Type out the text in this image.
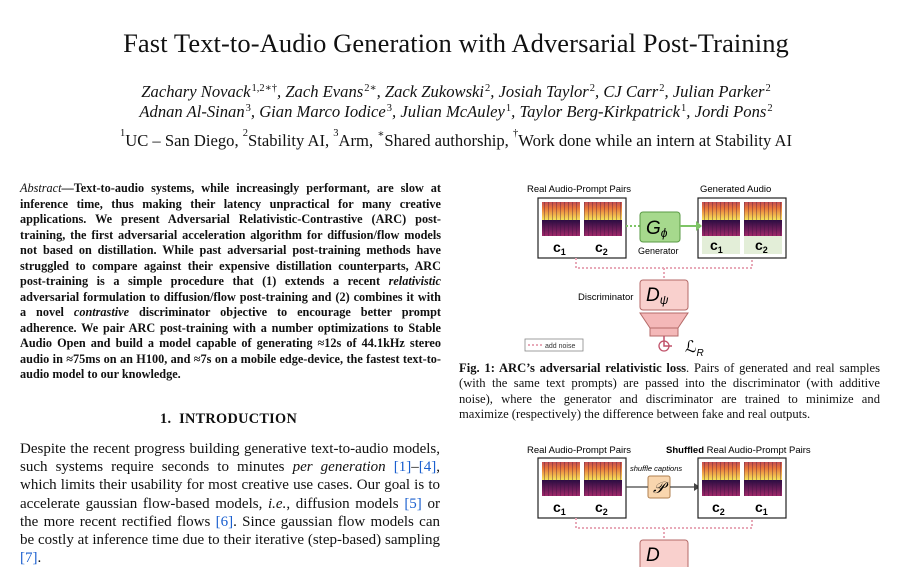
Fast Text-to-Audio Generation with Adversarial Post-Training
Zachary Novack$^{1,2∗\dagger}$, Zach Evans$^{2∗}$, Zack Zukowski$^2$, Josiah Taylor$^2$, CJ Carr$^2$, Julian Parker$^2$
Adnan Al-Sinan$^3$, Gian Marco Iodice$^3$, Julian McAuley$^1$, Taylor Berg-Kirkpatrick$^1$, Jordi Pons$^2$
$^1$UC – San Diego, $^2$Stability AI, $^3$Arm, ∗Shared authorship, †Work done while an intern at Stability AI
Abstract—Text-to-audio systems, while increasingly performant, are slow at inference time, thus making their latency unpractical for many creative applications. We present Adversarial Relativistic-Contrastive (ARC) post-training, the first adversarial acceleration algorithm for diffusion/flow models not based on distillation. While past adversarial post-training methods have struggled to compare against their expensive distillation counterparts, ARC post-training is a simple procedure that (1) extends a recent relativistic adversarial formulation to diffusion/flow post-training and (2) combines it with a novel contrastive discriminator objective to encourage better prompt adherence. We pair ARC post-training with a number optimizations to Stable Audio Open and build a model capable of generating ≈12s of 44.1kHz stereo audio in ≈75ms on an H100, and ≈7s on a mobile edge-device, the fastest text-to-audio model to our knowledge.
1. INTRODUCTION
Despite the recent progress building generative text-to-audio models, such systems require seconds to minutes per generation [1]–[4], which limits their usability for most creative use cases. Our goal is to accelerate gaussian flow-based models, i.e., diffusion models [5] or the more recent rectified flows [6]. Since gaussian flow models can be costly at inference time due to their iterative (step-based) sampling [7].
Real Audio-Prompt Pairs	Generated Audio
$c_1$ $c_2$	$c_1$ $c_2$
Gϕ
Generator
Discriminator Dψ
ℒ$_R$
add noise
Fig. 1: ARC’s adversarial relativistic loss. Pairs of generated and real samples (with the same text prompts) are passed into the discriminator (with additive noise), where the generator and discriminator are trained to minimize and maximize (respectively) the difference between fake and real outputs.
Real Audio-Prompt Pairs	Shuffled Real Audio-Prompt Pairs
$c_1$ $c_2$
shuffle captions
𝒫
$c_2$ $c_1$
D
